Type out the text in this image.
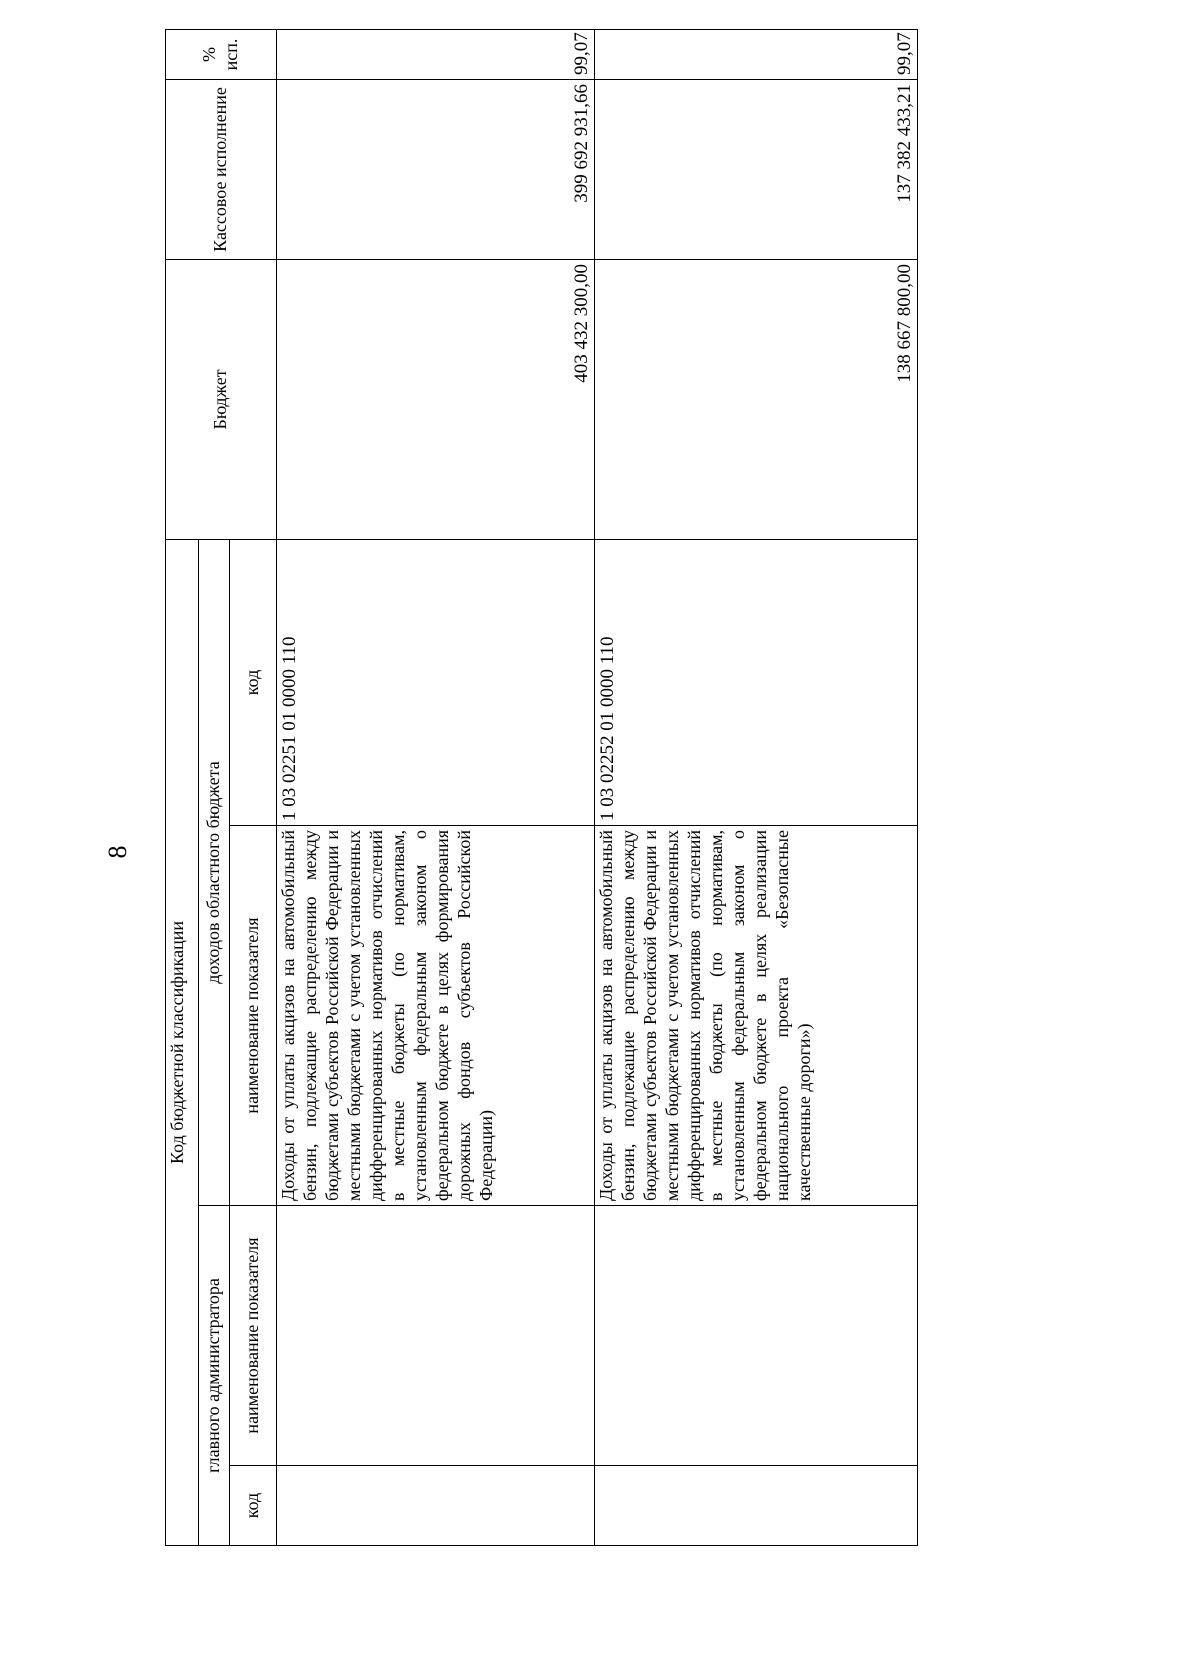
8
Код бюджетной классификации				Бюджет	Кассовое исполнение	% исп.
главного администратора		доходов областного бюджета				
код	наименование показателя	наименование показателя	код			
		Доходы от уплаты акцизов на автомобильный бензин, подлежащие распределению между бюджетами субъектов Российской Федерации и местными бюджетами с учетом установленных дифференцированных нормативов отчислений в местные бюджеты (по нормативам, установленным федеральным законом о федеральном бюджете в целях формирования дорожных фондов субъектов Российской Федерации)	1 03 02251 01 0000 110	403 432 300,00	399 692 931,66	99,07
		Доходы от уплаты акцизов на автомобильный бензин, подлежащие распределению между бюджетами субъектов Российской Федерации и местными бюджетами с учетом установленных дифференцированных нормативов отчислений в местные бюджеты (по нормативам, установленным федеральным законом о федеральном бюджете в целях реализации национального проекта «Безопасные качественные дороги»)	1 03 02252 01 0000 110	138 667 800,00	137 382 433,21	99,07
